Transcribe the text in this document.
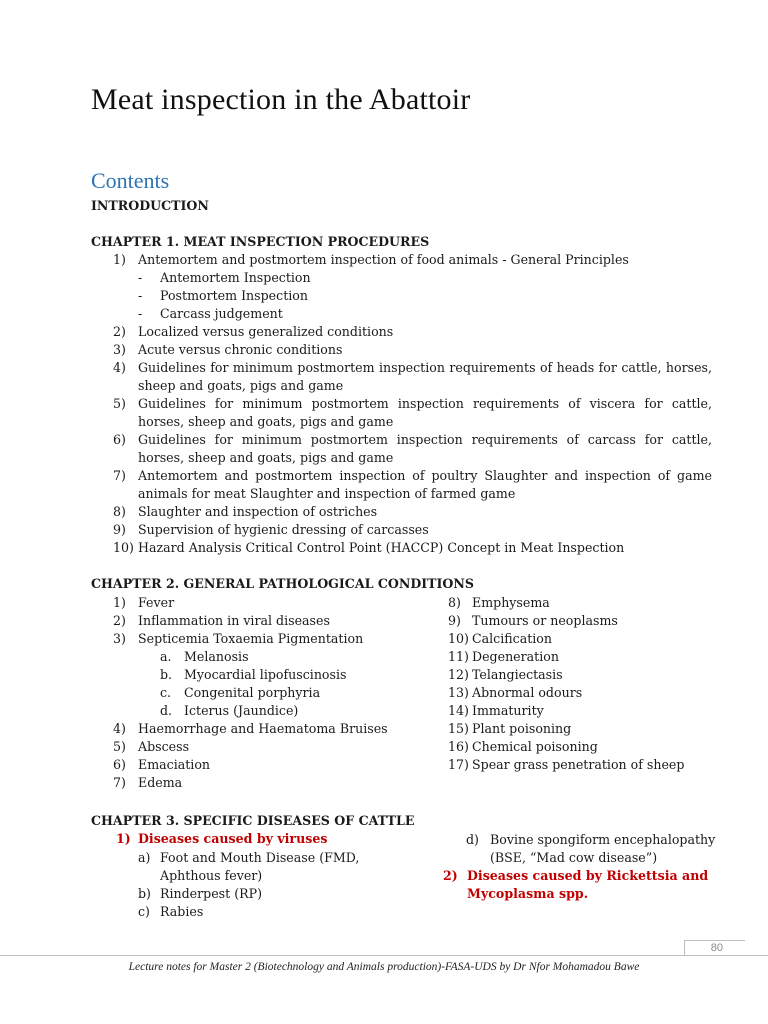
Meat inspection in the Abattoir
Contents
INTRODUCTION
CHAPTER 1. MEAT INSPECTION PROCEDURES
1) Antemortem and postmortem inspection of food animals - General Principles
- Antemortem Inspection
- Postmortem Inspection
- Carcass judgement
2) Localized versus generalized conditions
3) Acute versus chronic conditions
4) Guidelines for minimum postmortem inspection requirements of heads for cattle, horses, sheep and goats, pigs and game
5) Guidelines for minimum postmortem inspection requirements of viscera for cattle, horses, sheep and goats, pigs and game
6) Guidelines for minimum postmortem inspection requirements of carcass for cattle, horses, sheep and goats, pigs and game
7) Antemortem and postmortem inspection of poultry Slaughter and inspection of game animals for meat Slaughter and inspection of farmed game
8) Slaughter and inspection of ostriches
9) Supervision of hygienic dressing of carcasses
10) Hazard Analysis Critical Control Point (HACCP) Concept in Meat Inspection
CHAPTER 2. GENERAL PATHOLOGICAL CONDITIONS
1) Fever
2) Inflammation in viral diseases
3) Septicemia Toxaemia Pigmentation
a. Melanosis
b. Myocardial lipofuscinosis
c. Congenital porphyria
d. Icterus (Jaundice)
4) Haemorrhage and Haematoma Bruises
5) Abscess
6) Emaciation
7) Edema
8) Emphysema
9) Tumours or neoplasms
10) Calcification
11) Degeneration
12) Telangiectasis
13) Abnormal odours
14) Immaturity
15) Plant poisoning
16) Chemical poisoning
17) Spear grass penetration of sheep
CHAPTER 3. SPECIFIC DISEASES OF CATTLE
1) Diseases caused by viruses
a) Foot and Mouth Disease (FMD,
Aphthous fever)
b) Rinderpest (RP)
c) Rabies
d) Bovine spongiform encephalopathy
(BSE, “Mad cow disease”)
2) Diseases caused by Rickettsia and
Mycoplasma spp.
80
Lecture notes for Master 2 (Biotechnology and Animals production)-FASA-UDS by Dr Nfor Mohamadou Bawe
